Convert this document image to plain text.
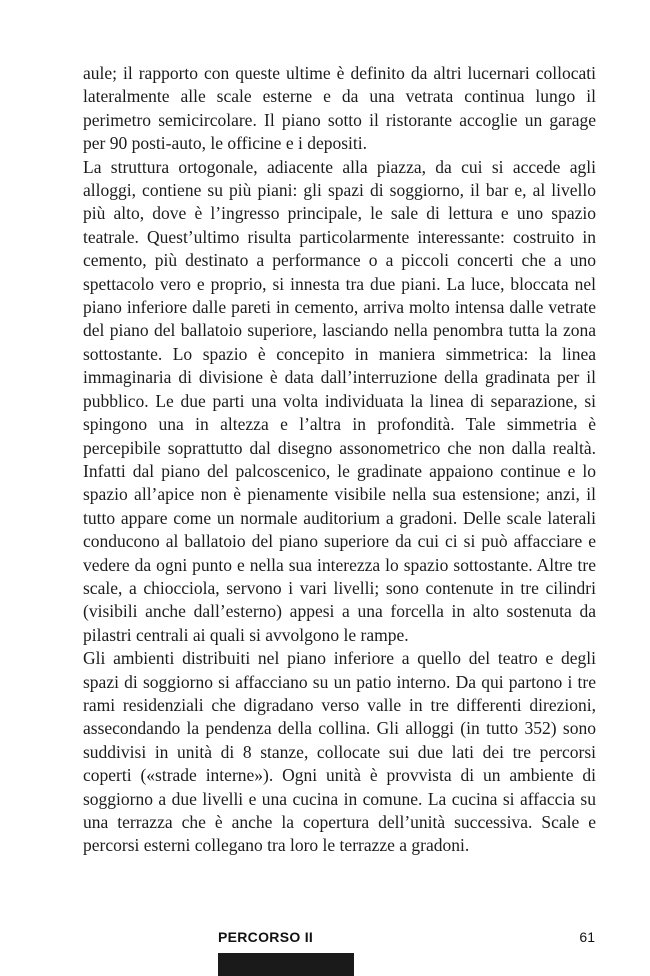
aule; il rapporto con queste ultime è definito da altri lucernari collocati lateralmente alle scale esterne e da una vetrata continua lungo il perimetro semicircolare. Il piano sotto il ristorante accoglie un garage per 90 posti-auto, le officine e i depositi.

La struttura ortogonale, adiacente alla piazza, da cui si accede agli alloggi, contiene su più piani: gli spazi di soggiorno, il bar e, al livello più alto, dove è l’ingresso principale, le sale di lettura e uno spazio teatrale. Quest’ultimo risulta particolarmente interessante: costruito in cemento, più destinato a performance o a piccoli concerti che a uno spettacolo vero e proprio, si innesta tra due piani. La luce, bloccata nel piano inferiore dalle pareti in cemento, arriva molto intensa dalle vetrate del piano del ballatoio superiore, lasciando nella penombra tutta la zona sottostante. Lo spazio è concepito in maniera simmetrica: la linea immaginaria di divisione è data dall’interruzione della gradinata per il pubblico. Le due parti una volta individuata la linea di separazione, si spingono una in altezza e l’altra in profondità. Tale simmetria è percepibile soprattutto dal disegno assonometrico che non dalla realtà. Infatti dal piano del palcoscenico, le gradinate appaiono continue e lo spazio all’apice non è pienamente visibile nella sua estensione; anzi, il tutto appare come un normale auditorium a gradoni. Delle scale laterali conducono al ballatoio del piano superiore da cui ci si può affacciare e vedere da ogni punto e nella sua interezza lo spazio sottostante. Altre tre scale, a chiocciola, servono i vari livelli; sono contenute in tre cilindri (visibili anche dall’esterno) appesi a una forcella in alto sostenuta da pilastri centrali ai quali si avvolgono le rampe.

Gli ambienti distribuiti nel piano inferiore a quello del teatro e degli spazi di soggiorno si affacciano su un patio interno. Da qui partono i tre rami residenziali che digradano verso valle in tre differenti direzioni, assecondando la pendenza della collina. Gli alloggi (in tutto 352) sono suddivisi in unità di 8 stanze, collocate sui due lati dei tre percorsi coperti («strade interne»). Ogni unità è provvista di un ambiente di soggiorno a due livelli e una cucina in comune. La cucina si affaccia su una terrazza che è anche la copertura dell’unità successiva. Scale e percorsi esterni collegano tra loro le terrazze a gradoni.

PERCORSO II	61
